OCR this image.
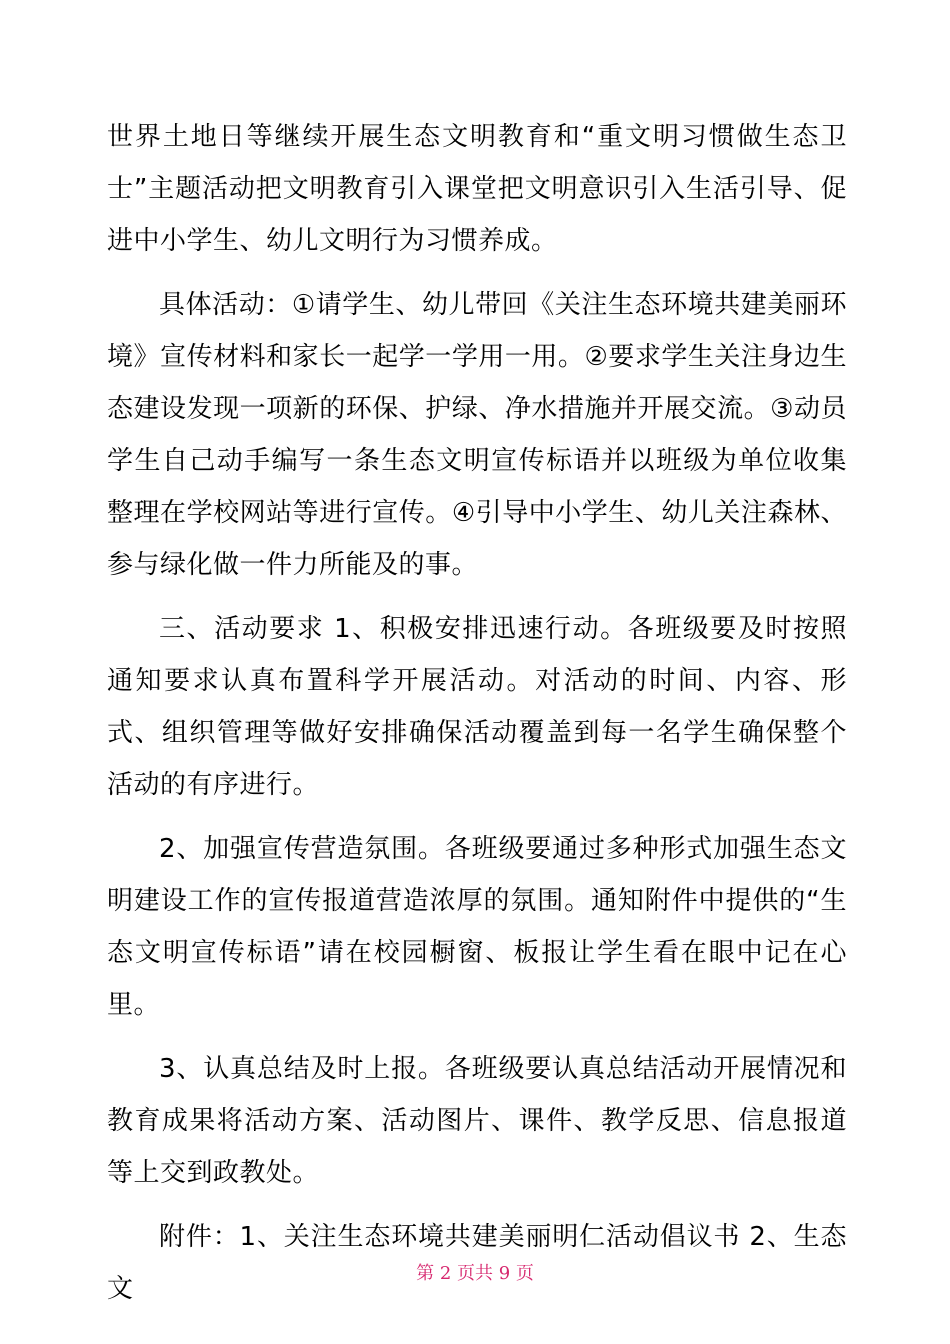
世界土地日等继续开展生态文明教育和“重文明习惯做生态卫士”主题活动把文明教育引入课堂把文明意识引入生活引导、促进中小学生、幼儿文明行为习惯养成。

具体活动：①请学生、幼儿带回《关注生态环境共建美丽环境》宣传材料和家长一起学一学用一用。②要求学生关注身边生态建设发现一项新的环保、护绿、净水措施并开展交流。③动员学生自己动手编写一条生态文明宣传标语并以班级为单位收集整理在学校网站等进行宣传。④引导中小学生、幼儿关注森林、参与绿化做一件力所能及的事。

三、活动要求 1、积极安排迅速行动。各班级要及时按照通知要求认真布置科学开展活动。对活动的时间、内容、形式、组织管理等做好安排确保活动覆盖到每一名学生确保整个活动的有序进行。

2、加强宣传营造氛围。各班级要通过多种形式加强生态文明建设工作的宣传报道营造浓厚的氛围。通知附件中提供的“生态文明宣传标语”请在校园橱窗、板报让学生看在眼中记在心里。

3、认真总结及时上报。各班级要认真总结活动开展情况和教育成果将活动方案、活动图片、课件、教学反思、信息报道等上交到政教处。

附件：1、关注生态环境共建美丽明仁活动倡议书 2、生态文

第 2 页共 9 页
